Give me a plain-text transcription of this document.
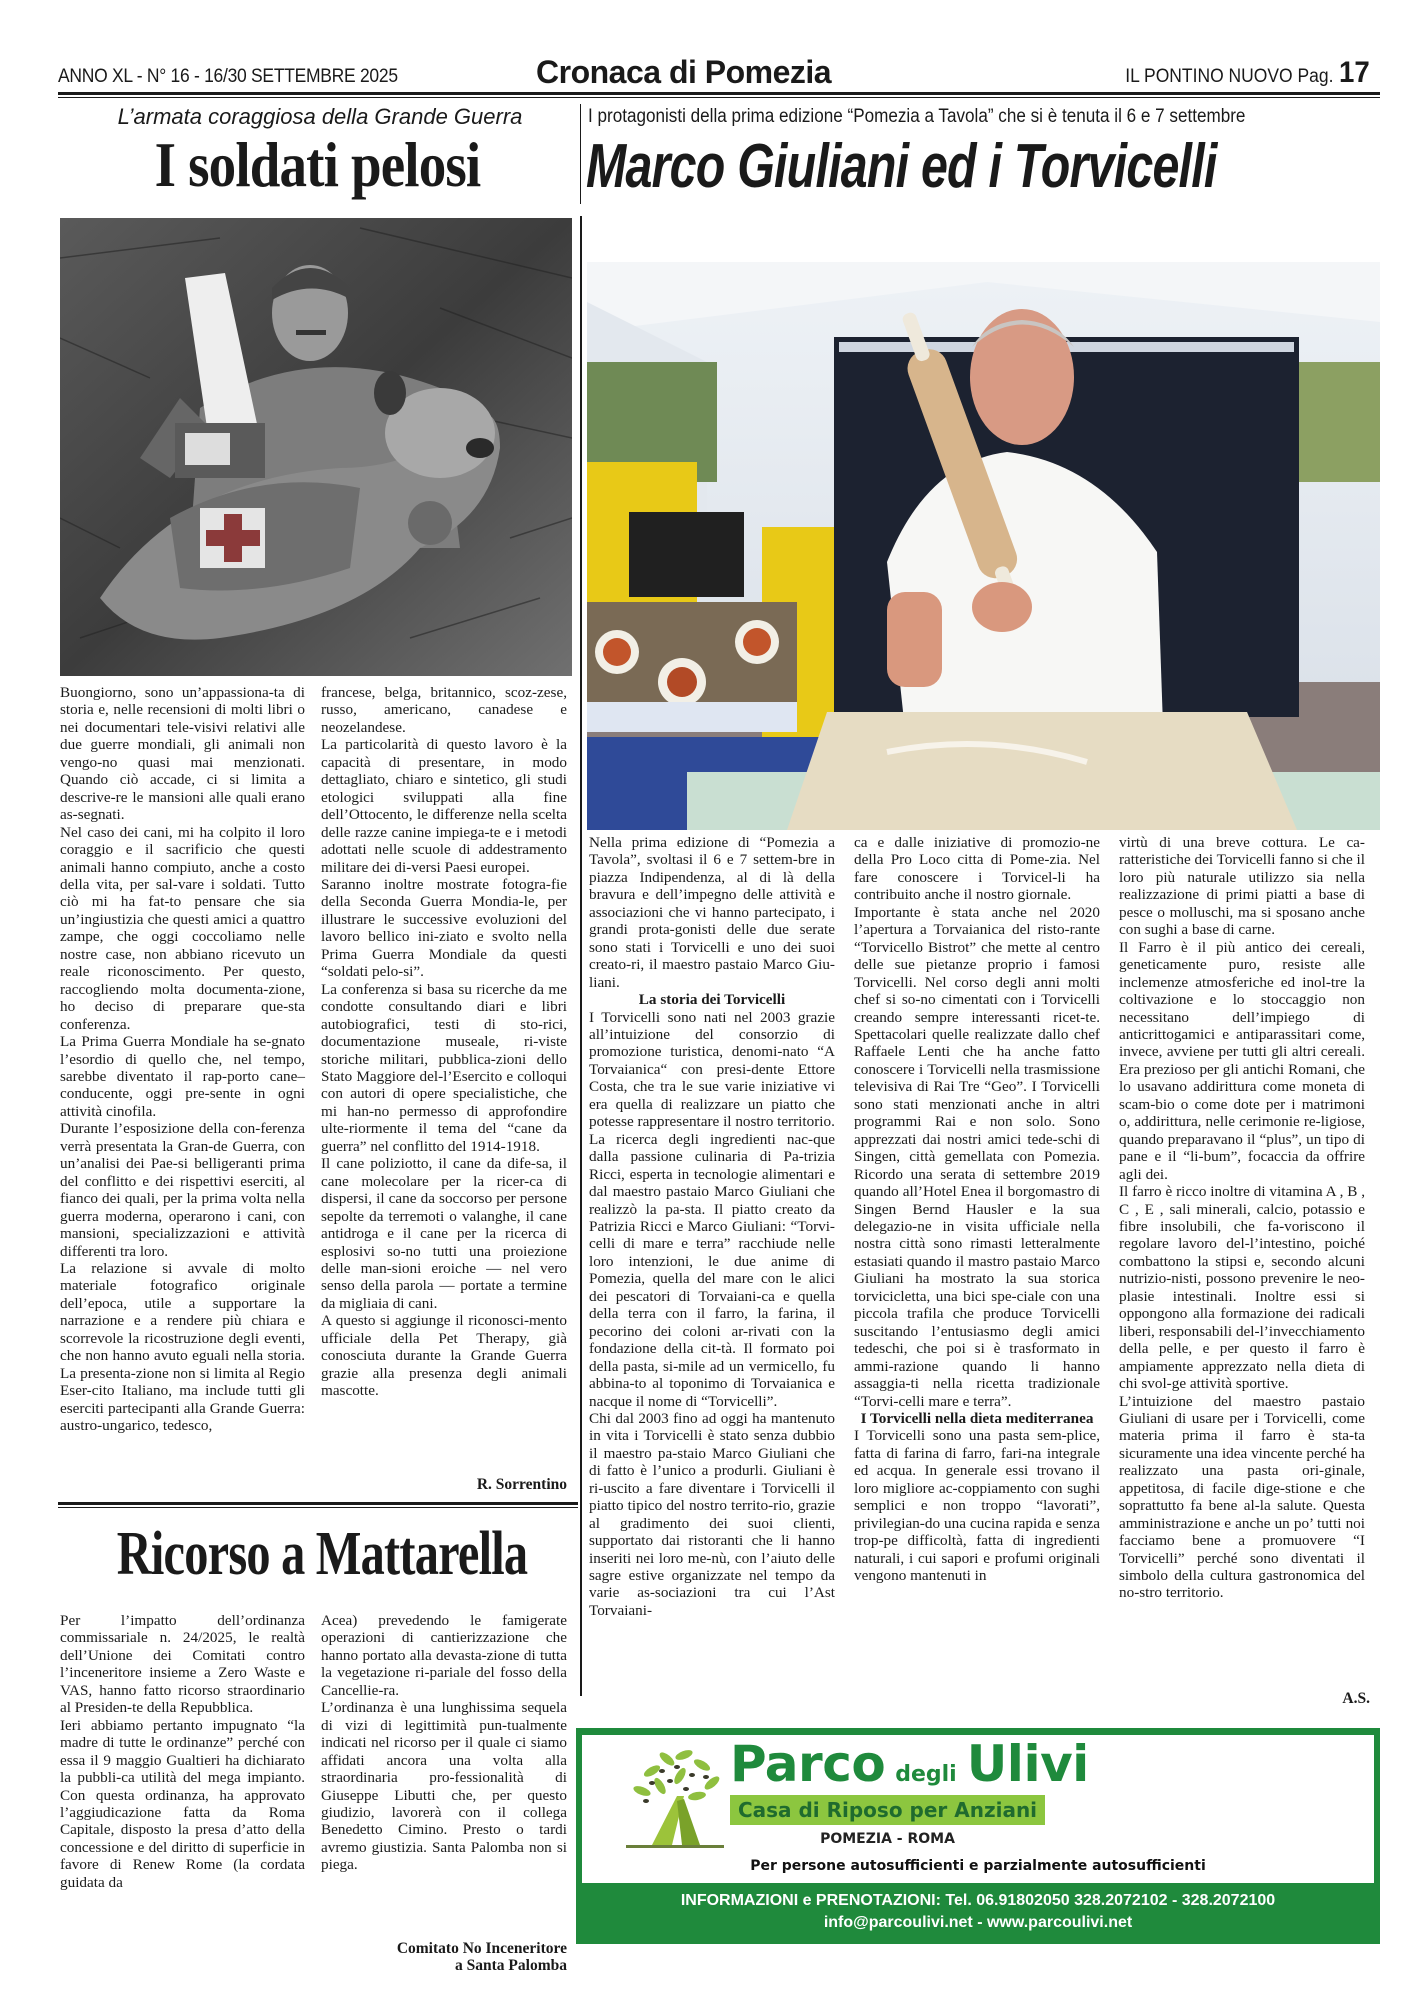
ANNO XL - N° 16 - 16/30 SETTEMBRE 2025	Cronaca di Pomezia	IL PONTINO NUOVO Pag. 17
L’armata coraggiosa della Grande Guerra
I soldati pelosi

Buongiorno, sono un’appassiona-ta di storia e, nelle recensioni di molti libri o nei documentari tele-visivi relativi alle due guerre mondiali, gli animali non vengo-no quasi mai menzionati. Quando ciò accade, ci si limita a descrive-re le mansioni alle quali erano as-segnati.

Nel caso dei cani, mi ha colpito il loro coraggio e il sacrificio che questi animali hanno compiuto, anche a costo della vita, per sal-vare i soldati. Tutto ciò mi ha fat-to pensare che sia un’ingiustizia che questi amici a quattro zampe, che oggi coccoliamo nelle nostre case, non abbiano ricevuto un reale riconoscimento. Per questo, raccogliendo molta documenta-zione, ho deciso di preparare que-sta conferenza.

La Prima Guerra Mondiale ha se-gnato l’esordio di quello che, nel tempo, sarebbe diventato il rap-porto cane–conducente, oggi pre-sente in ogni attività cinofila.

Durante l’esposizione della con-ferenza verrà presentata la Gran-de Guerra, con un’analisi dei Pae-si belligeranti prima del conflitto e dei rispettivi eserciti, al fianco dei quali, per la prima volta nella guerra moderna, operarono i cani, con mansioni, specializzazioni e attività differenti tra loro.

La relazione si avvale di molto materiale fotografico originale dell’epoca, utile a supportare la narrazione e a rendere più chiara e scorrevole la ricostruzione degli eventi, che non hanno avuto eguali nella storia. La presenta-zione non si limita al Regio Eser-cito Italiano, ma include tutti gli eserciti partecipanti alla Grande Guerra: austro-ungarico, tedesco,

francese, belga, britannico, scoz-zese, russo, americano, canadese e neozelandese.

La particolarità di questo lavoro è la capacità di presentare, in modo dettagliato, chiaro e sintetico, gli studi etologici sviluppati alla fine dell’Ottocento, le differenze nella scelta delle razze canine impiega-te e i metodi adottati nelle scuole di addestramento militare dei di-versi Paesi europei.

Saranno inoltre mostrate fotogra-fie della Seconda Guerra Mondia-le, per illustrare le successive evoluzioni del lavoro bellico ini-ziato e svolto nella Prima Guerra Mondiale da questi “soldati pelo-si”.

La conferenza si basa su ricerche da me condotte consultando diari e libri autobiografici, testi di sto-rici, documentazione museale, ri-viste storiche militari, pubblica-zioni dello Stato Maggiore del-l’Esercito e colloqui con autori di opere specialistiche, che mi han-no permesso di approfondire ulte-riormente il tema del “cane da guerra” nel conflitto del 1914-1918.

Il cane poliziotto, il cane da dife-sa, il cane molecolare per la ricer-ca di dispersi, il cane da soccorso per persone sepolte da terremoti o valanghe, il cane antidroga e il cane per la ricerca di esplosivi so-no tutti una proiezione delle man-sioni eroiche — nel vero senso della parola — portate a termine da migliaia di cani.

A questo si aggiunge il riconosci-mento ufficiale della Pet Therapy, già conosciuta durante la Grande Guerra grazie alla presenza degli animali mascotte.

R. Sorrentino
Ricorso a Mattarella

Per l’impatto dell’ordinanza commissariale n. 24/2025, le realtà dell’Unione dei Comitati contro l’inceneritore insieme a Zero Waste e VAS, hanno fatto ricorso straordinario al Presiden-te della Repubblica.

Ieri abbiamo pertanto impugnato “la madre di tutte le ordinanze” perché con essa il 9 maggio Gualtieri ha dichiarato la pubbli-ca utilità del mega impianto. Con questa ordinanza, ha approvato l’aggiudicazione fatta da Roma Capitale, disposto la presa d’atto della concessione e del diritto di superficie in favore di Renew Rome (la cordata guidata da

Acea) prevedendo le famigerate operazioni di cantierizzazione che hanno portato alla devasta-zione di tutta la vegetazione ri-pariale del fosso della Cancellie-ra.

L’ordinanza è una lunghissima sequela di vizi di legittimità pun-tualmente indicati nel ricorso per il quale ci siamo affidati ancora una volta alla straordinaria pro-fessionalità di Giuseppe Libutti che, per questo giudizio, lavorerà con il collega Benedetto Cimino. Presto o tardi avremo giustizia. Santa Palomba non si piega.

Comitato No Inceneritore
a Santa Palomba
I protagonisti della prima edizione “Pomezia a Tavola” che si è tenuta il 6 e 7 settembre
Marco Giuliani ed i Torvicelli

Nella prima edizione di “Pomezia a Tavola”, svoltasi il 6 e 7 settem-bre in piazza Indipendenza, al di là della bravura e dell’impegno delle attività e associazioni che vi hanno partecipato, i grandi prota-gonisti delle due serate sono stati i Torvicelli e uno dei suoi creato-ri, il maestro pastaio Marco Giu-liani.

La storia dei Torvicelli

I Torvicelli sono nati nel 2003 grazie all’intuizione del consorzio di promozione turistica, denomi-nato “A Torvaianica“ con presi-dente Ettore Costa, che tra le sue varie iniziative vi era quella di realizzare un piatto che potesse rappresentare il nostro territorio.

La ricerca degli ingredienti nac-que dalla passione culinaria di Pa-trizia Ricci, esperta in tecnologie alimentari e dal maestro pastaio Marco Giuliani che realizzò la pa-sta. Il piatto creato da Patrizia Ricci e Marco Giuliani: “Torvi-celli di mare e terra” racchiude nelle loro intenzioni, le due anime di Pomezia, quella del mare con le alici dei pescatori di Torvaiani-ca e quella della terra con il farro, la farina, il pecorino dei coloni ar-rivati con la fondazione della cit-tà. Il formato poi della pasta, si-mile ad un vermicello, fu abbina-to al toponimo di Torvaianica e nacque il nome di “Torvicelli”.

Chi dal 2003 fino ad oggi ha mantenuto in vita i Torvicelli è stato senza dubbio il maestro pa-staio Marco Giuliani che di fatto è l’unico a produrli. Giuliani è ri-uscito a fare diventare i Torvicelli il piatto tipico del nostro territo-rio, grazie al gradimento dei suoi clienti, supportato dai ristoranti che li hanno inseriti nei loro me-nù, con l’aiuto delle sagre estive organizzate nel tempo da varie as-sociazioni tra cui l’Ast Torvaiani-

ca e dalle iniziative di promozio-ne della Pro Loco citta di Pome-zia. Nel fare conoscere i Torvicel-li ha contribuito anche il nostro giornale.

Importante è stata anche nel 2020 l’apertura a Torvaianica del risto-rante “Torvicello Bistrot” che mette al centro delle sue pietanze proprio i famosi Torvicelli. Nel corso degli anni molti chef si so-no cimentati con i Torvicelli creando sempre interessanti ricet-te. Spettacolari quelle realizzate dallo chef Raffaele Lenti che ha anche fatto conoscere i Torvicelli nella trasmissione televisiva di Rai Tre “Geo”. I Torvicelli sono stati menzionati anche in altri programmi Rai e non solo. Sono apprezzati dai nostri amici tede-schi di Singen, città gemellata con Pomezia. Ricordo una serata di settembre 2019 quando all’Hotel Enea il borgomastro di Singen Bernd Hausler e la sua delegazio-ne in visita ufficiale nella nostra città sono rimasti letteralmente estasiati quando il mastro pastaio Marco Giuliani ha mostrato la sua storica torvicicletta, una bici spe-ciale con una piccola trafila che produce Torvicelli suscitando l’entusiasmo degli amici tedeschi, che poi si è trasformato in ammi-razione quando li hanno assaggia-ti nella ricetta tradizionale “Torvi-celli mare e terra”.

I Torvicelli nella dieta mediterranea

I Torvicelli sono una pasta sem-plice, fatta di farina di farro, fari-na integrale ed acqua. In generale essi trovano il loro migliore ac-coppiamento con sughi semplici e non troppo “lavorati”, privilegian-do una cucina rapida e senza trop-pe difficoltà, fatta di ingredienti naturali, i cui sapori e profumi originali vengono mantenuti in

virtù di una breve cottura. Le ca-ratteristiche dei Torvicelli fanno si che il loro più naturale utilizzo sia nella realizzazione di primi piatti a base di pesce o molluschi, ma si sposano anche con sughi a base di carne.

Il Farro è il più antico dei cereali, geneticamente puro, resiste alle inclemenze atmosferiche ed inol-tre la coltivazione e lo stoccaggio non necessitano dell’impiego di anticrittogamici e antiparassitari come, invece, avviene per tutti gli altri cereali. Era prezioso per gli antichi Romani, che lo usavano addirittura come moneta di scam-bio o come dote per i matrimoni o, addirittura, nelle cerimonie re-ligiose, quando preparavano il “plus”, un tipo di pane e il “li-bum”, focaccia da offrire agli dei.

Il farro è ricco inoltre di vitamina A , B , C , E , sali minerali, calcio, potassio e fibre insolubili, che fa-voriscono il regolare lavoro del-l’intestino, poiché combattono la stipsi e, secondo alcuni nutrizio-nisti, possono prevenire le neo-plasie intestinali. Inoltre essi si oppongono alla formazione dei radicali liberi, responsabili del-l’invecchiamento della pelle, e per questo il farro è ampiamente apprezzato nella dieta di chi svol-ge attività sportive.

L’intuizione del maestro pastaio Giuliani di usare per i Torvicelli, come materia prima il farro è sta-ta sicuramente una idea vincente perché ha realizzato una pasta ori-ginale, appetitosa, di facile dige-stione e che soprattutto fa bene al-la salute. Questa amministrazione e anche un po’ tutti noi facciamo bene a promuovere “I Torvicelli” perché sono diventati il simbolo della cultura gastronomica del no-stro territorio.

A.S.
Parco degli Ulivi
Casa di Riposo per Anziani
POMEZIA - ROMA
Per persone autosufficienti e parzialmente autosufficienti
INFORMAZIONI e PRENOTAZIONI: Tel. 06.91802050 328.2072102 - 328.2072100
info@parcoulivi.net - www.parcoulivi.net
